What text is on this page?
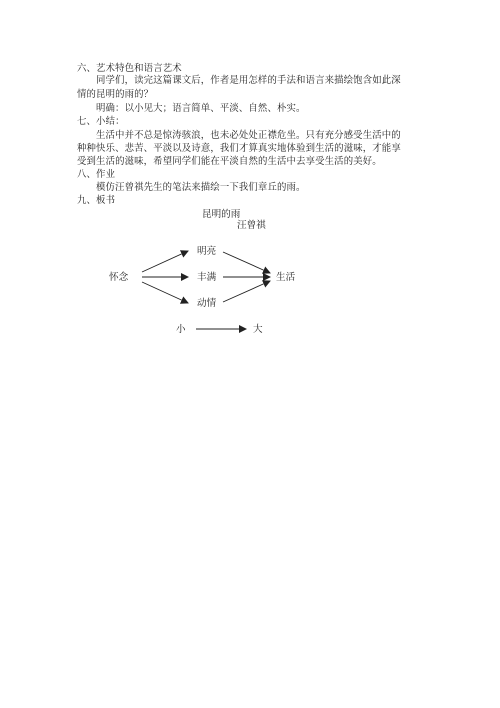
六、艺术特色和语言艺术
同学们，读完这篇课文后，作者是用怎样的手法和语言来描绘饱含如此深
情的昆明的雨的？
明确：以小见大；语言简单、平淡、自然、朴实。
七、小结：
生活中并不总是惊涛骇浪，也未必处处正襟危坐。只有充分感受生活中的
种种快乐、悲苦、平淡以及诗意，我们才算真实地体验到生活的滋味，才能享
受到生活的滋味，希望同学们能在平淡自然的生活中去享受生活的美好。
八、作业
模仿汪曾祺先生的笔法来描绘一下我们章丘的雨。
九、板书
昆明的雨
汪曾祺
怀念
明亮
丰满
动情
生活
小	大
